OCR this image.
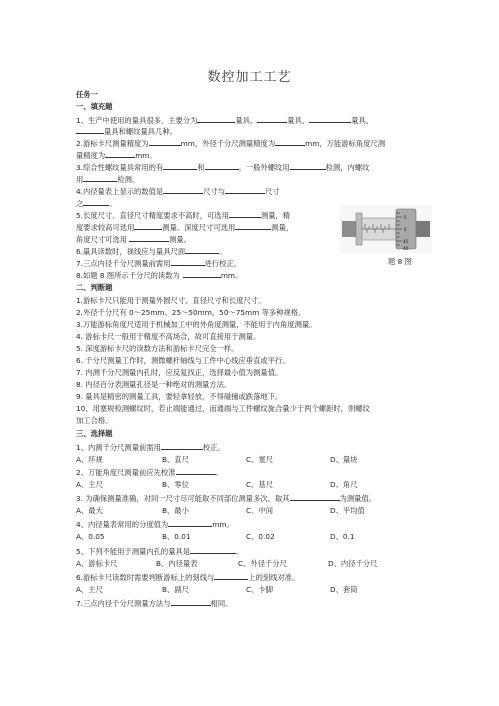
数控加工工艺
任务一
一、填充题
1、生产中使用的量具很多，主要分为	量具、	量具、	量具、
量具和螺纹量具几种。
2.游标卡尺测量精度为	mm，外径千分尺测量精度为	mm，万能游标角度尺测
量精度为	mm。
3.综合性螺纹量具常用的有	和	。一般外螺纹用	检测，内螺纹
用	检测。
4.内径量表上显示的数值是	尺寸与	尺寸
之	。
5.长度尺寸、直径尺寸精度要求不高时，可选用	测量，精
度要求较高可选用	测量。深度尺寸可选用	测量，
角度尺寸可选用	测量。
6.量具读数时，视线应与量具尺面	。
7.三点内径千分尺测量前需用	进行校正。
8.如题 8 图所示千分尺的读数为	mm。
5
0
45
40
题 8 图
二、判断题
1.游标卡尺只能用于测量外圆尺寸、直径尺寸和长度尺寸。
2.外径千分尺有 0～25mm、25～50mm、50～75mm 等多种规格。
3.万能游标角度尺适用于机械加工中的外角度测量，不能用于内角度测量。
4. 游标卡尺一般用于精度不高场合，故可直接用于测量。
5. 深度游标卡尺的读数方法和游标卡尺完全一样。
6. 千分尺测量工作时，测微螺杆轴线与工件中心线应垂直或平行。
7. 内测千分尺测量内孔时，应反复找正，选择最小值为测量值。
8. 内径百分表测量孔径是一种绝对的测量方法。
9. 量具是精密的测量工具，要轻拿轻放，不得碰撞或跌落地下。
10、用塞规检测螺纹时，若止端能通过，而通端与工件螺纹旋合量少于两个螺距时，则螺纹
加工合格。
三、选择题
1、内测千分尺测量前需用	校正。
A、环规	B、直尺	C、塞尺	D、量块
2、万能角度尺测量前应先校准	。
A、主尺	B、零位	C、基尺	D、角尺
3. 为确保测量准确，对同一尺寸尽可能取不同部位测量多次，取其	为测量值。
A、最大	B、最小	C、中间	D、平均值
4、内径量表常用的分度值为	mm。
A、0.05	B、0.01	C、0.02	D、0.1
5、下列不能用于测量内孔的量具是	。
A、游标卡尺	B、内径量表	C、外径千分尺	D、内径千分尺
6.游标卡尺读数时需要判断游标上的刻线与	上的刻线对准。
A、主尺	B、副尺	C、卡脚	D、套筒
7.三点内径千分尺测量方法与	相同。
